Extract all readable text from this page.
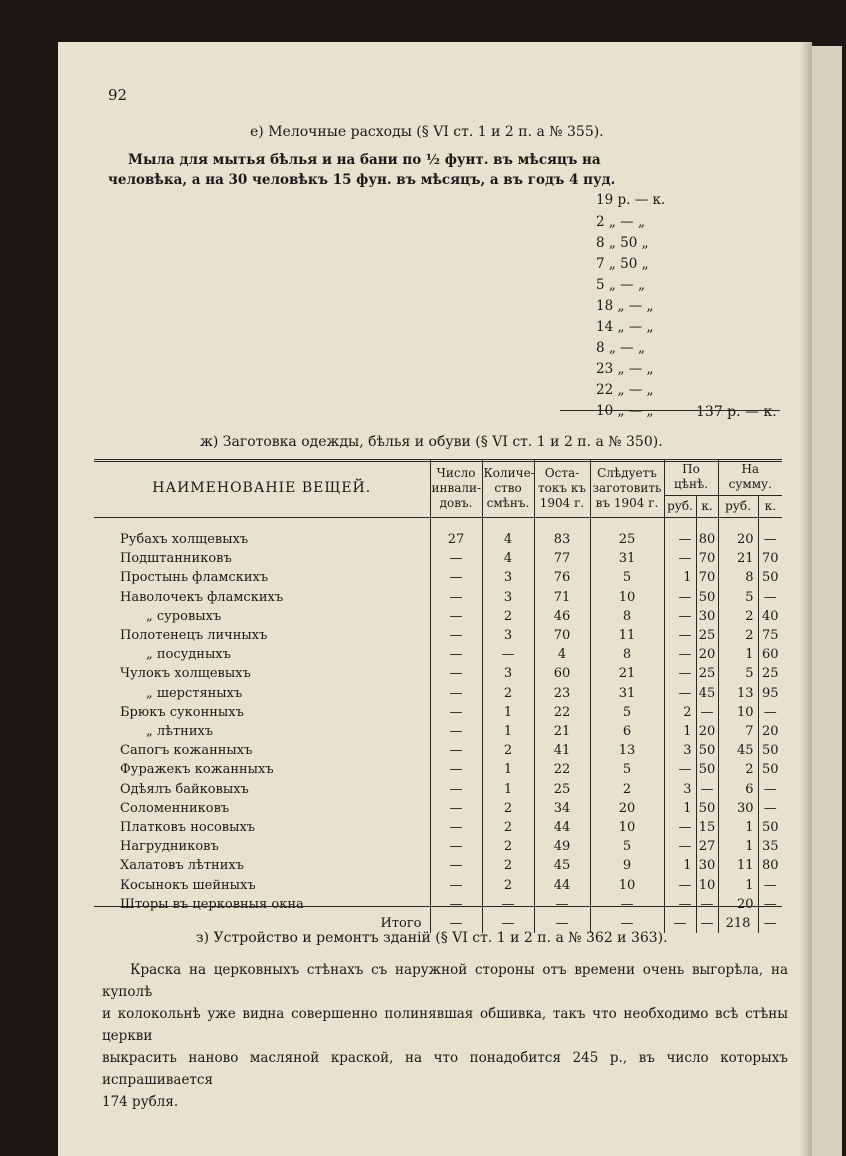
92
е) Мелочные расходы (§ VI ст. 1 и 2 п. а № 355).
Мыла для мытья бѣлья и на бани по ½ фунт. въ мѣсяцъ на
человѣка, а на 30 человѣкъ 15 фун. въ мѣсяцъ, а въ годъ 4 пуд.
19 р. — к.
2 „ — „
8 „ 50 „
7 „ 50 „
5 „ — „
18 „ — „
14 „ — „
8 „ — „
23 „ — „
22 „ — „
10 „ — „	137 р. — к.
ж) Заготовка одежды, бѣлья и обуви (§ VI ст. 1 и 2 п. а № 350).
НАИМЕНОВАНІЕ ВЕЩЕЙ.	Число инвали- довъ.	Количе- ство смѣнъ.	Оста- токъ къ 1904 г.	Слѣдуетъ заготовить въ 1904 г.	По цѣнѣ.		На сумму.	
					руб.	к.	руб.	к.

Рубахъ холщевыхъ	27	4	83	25	—	80	20	—
Подштанниковъ	—	4	77	31	—	70	21	70
Простынь фламскихъ	—	3	76	5	1	70	8	50
Наволочекъ фламскихъ	—	3	71	10	—	50	5	—
„ суровыхъ	—	2	46	8	—	30	2	40
Полотенецъ личныхъ	—	3	70	11	—	25	2	75
„ посудныхъ	—	—	4	8	—	20	1	60
Чулокъ холщевыхъ	—	3	60	21	—	25	5	25
„ шерстяныхъ	—	2	23	31	—	45	13	95
Брюкъ суконныхъ	—	1	22	5	2	—	10	—
„ лѣтнихъ	—	1	21	6	1	20	7	20
Сапогъ кожанныхъ	—	2	41	13	3	50	45	50
Фуражекъ кожанныхъ	—	1	22	5	—	50	2	50
Одѣялъ байковыхъ	—	1	25	2	3	—	6	—
Соломенниковъ	—	2	34	20	1	50	30	—
Платковъ носовыхъ	—	2	44	10	—	15	1	50
Нагрудниковъ	—	2	49	5	—	27	1	35
Халатовъ лѣтнихъ	—	2	45	9	1	30	11	80
Косынокъ шейныхъ	—	2	44	10	—	10	1	—
Шторы въ церковныя окна	—	—	—	—	—	—	20	—
Итого	—	—	—	—	—	—	218	—
з) Устройство и ремонтъ зданій (§ VI ст. 1 и 2 п. а № 362 и 363).
Краска на церковныхъ стѣнахъ съ наружной стороны отъ времени очень выгорѣла, на куполѣ
и колокольнѣ уже видна совершенно полинявшая обшивка, такъ что необходимо всѣ стѣны церкви
выкрасить наново масляной краской, на что понадобится 245 р., въ число которыхъ испрашивается
174 рубля.
